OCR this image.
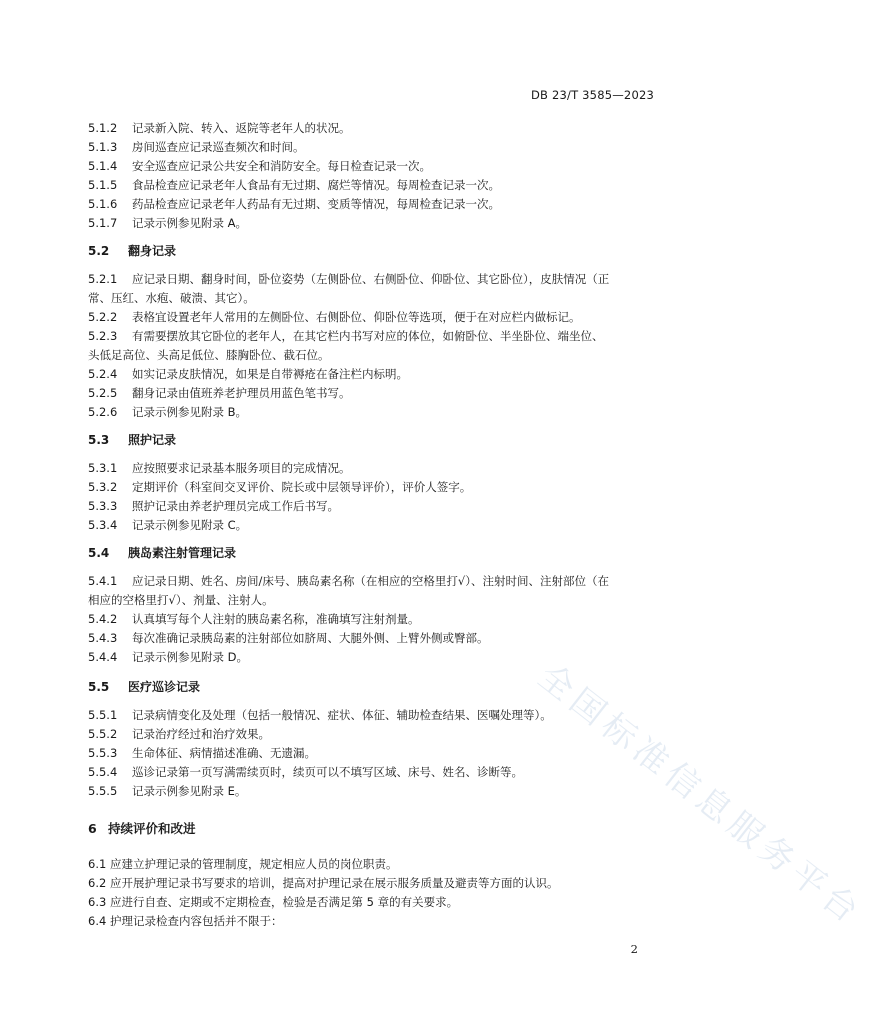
DB 23/T 3585—2023
全国标准信息服务平台
5.1.2 记录新入院、转入、返院等老年人的状况。
5.1.3 房间巡查应记录巡查频次和时间。
5.1.4 安全巡查应记录公共安全和消防安全。每日检查记录一次。
5.1.5 食品检查应记录老年人食品有无过期、腐烂等情况。每周检查记录一次。
5.1.6 药品检查应记录老年人药品有无过期、变质等情况，每周检查记录一次。
5.1.7 记录示例参见附录 A。
5.2 翻身记录
5.2.1 应记录日期、翻身时间，卧位姿势（左侧卧位、右侧卧位、仰卧位、其它卧位），皮肤情况（正
常、压红、水疱、破溃、其它）。
5.2.2 表格宜设置老年人常用的左侧卧位、右侧卧位、仰卧位等选项，便于在对应栏内做标记。
5.2.3 有需要摆放其它卧位的老年人，在其它栏内书写对应的体位，如俯卧位、半坐卧位、端坐位、
头低足高位、头高足低位、膝胸卧位、截石位。
5.2.4 如实记录皮肤情况，如果是自带褥疮在备注栏内标明。
5.2.5 翻身记录由值班养老护理员用蓝色笔书写。
5.2.6 记录示例参见附录 B。
5.3 照护记录
5.3.1 应按照要求记录基本服务项目的完成情况。
5.3.2 定期评价（科室间交叉评价、院长或中层领导评价），评价人签字。
5.3.3 照护记录由养老护理员完成工作后书写。
5.3.4 记录示例参见附录 C。
5.4 胰岛素注射管理记录
5.4.1 应记录日期、姓名、房间/床号、胰岛素名称（在相应的空格里打√）、注射时间、注射部位（在
相应的空格里打√）、剂量、注射人。
5.4.2 认真填写每个人注射的胰岛素名称，准确填写注射剂量。
5.4.3 每次准确记录胰岛素的注射部位如脐周、大腿外侧、上臂外侧或臀部。
5.4.4 记录示例参见附录 D。
5.5 医疗巡诊记录
5.5.1 记录病情变化及处理（包括一般情况、症状、体征、辅助检查结果、医嘱处理等）。
5.5.2 记录治疗经过和治疗效果。
5.5.3 生命体征、病情描述准确、无遗漏。
5.5.4 巡诊记录第一页写满需续页时，续页可以不填写区域、床号、姓名、诊断等。
5.5.5 记录示例参见附录 E。
6 持续评价和改进
6.1 应建立护理记录的管理制度，规定相应人员的岗位职责。
6.2 应开展护理记录书写要求的培训，提高对护理记录在展示服务质量及避责等方面的认识。
6.3 应进行自查、定期或不定期检查，检验是否满足第 5 章的有关要求。
6.4 护理记录检查内容包括并不限于：
2
